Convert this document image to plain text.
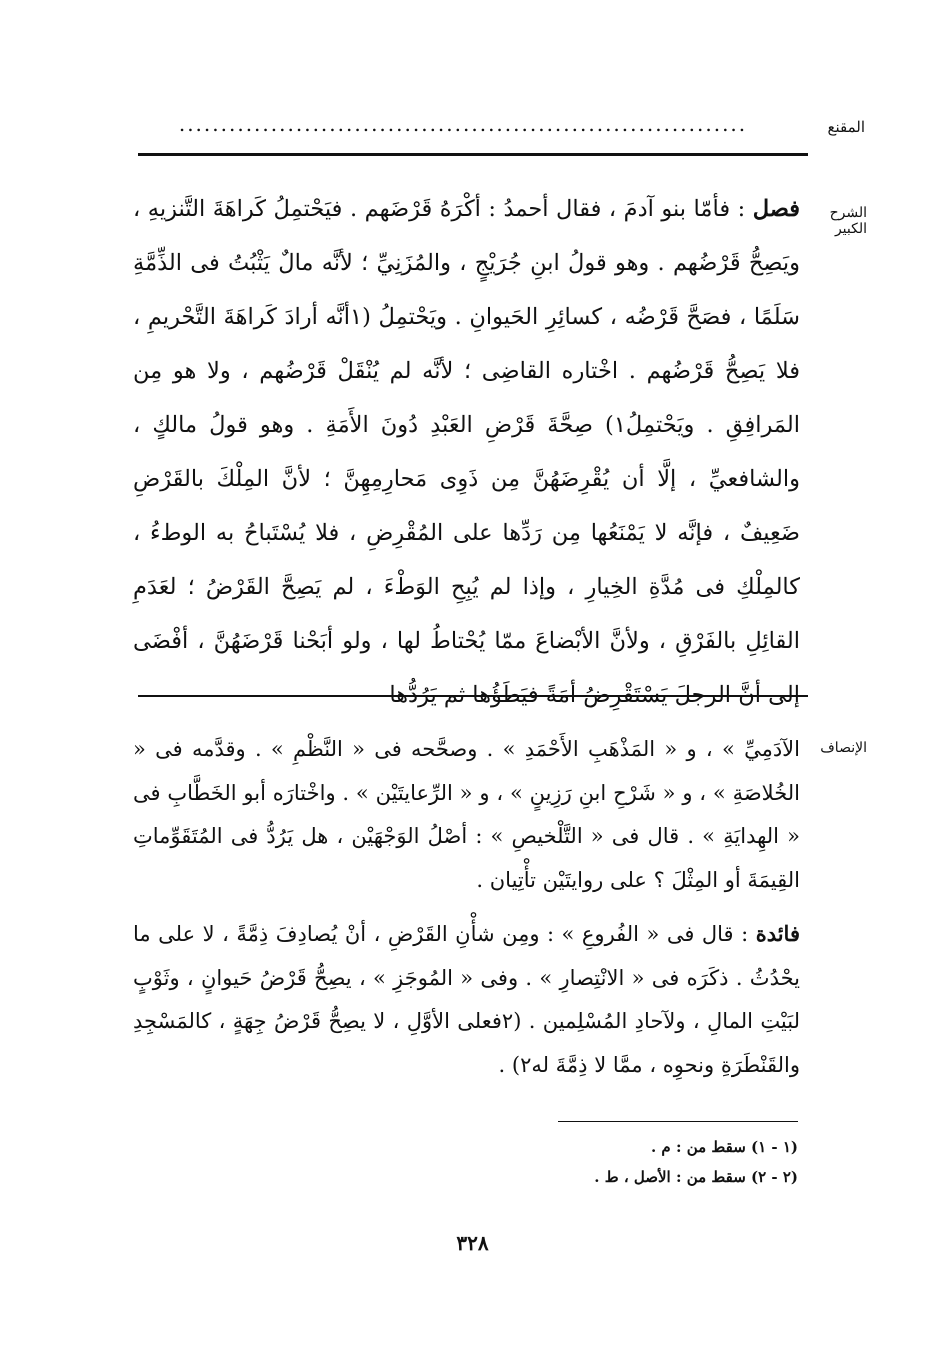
المقنع
....................................................................
الشرح الكبير

فصل : فأمّا بنو آدمَ ، فقال أحمدُ : أكْرَهُ قَرْضَهم . فيَحْتمِلُ كَراهَةَ التَّنزيهِ ، ويَصِحُّ قَرْضُهم . وهو قولُ ابنِ جُرَيْجٍ ، والمُزَنِيِّ ؛ لأنَّه مالٌ يَثْبُتُ فى الذِّمَّةِ سَلَمًا ، فصَحَّ قَرْضُه ، كسائِرِ الحَيوانِ . ويَحْتمِلُ (١أنَّه أرادَ كَراهَةَ التَّحْريمِ ، فلا يَصِحُّ قَرْضُهم . اخْتاره القاضِى ؛ لأنَّه لم يُنْقَلْ قَرْضُهم ، ولا هو مِن المَرافِقِ . ويَحْتمِلُ١) صِحَّةَ قَرْضِ العَبْدِ دُونَ الأَمَةِ . وهو قولُ مالكٍ ، والشافعيِّ ، إلَّا أن يُقْرِضَهُنَّ مِن ذَوِى مَحارِمِهِنَّ ؛ لأنَّ المِلْكَ بالقَرْضِ ضَعِيفٌ ، فإنَّه لا يَمْنَعُها مِن رَدِّها على المُقْرِضِ ، فلا يُسْتَباحُ به الوطءُ ، كالمِلْكِ فى مُدَّةِ الخِيارِ ، وإذا لم يُبِحِ الوَطْءَ ، لم يَصِحَّ القَرْضُ ؛ لعَدَمِ القائِلِ بالفَرْقِ ، ولأنَّ الأبْضاعَ ممّا يُحْتاطُ لها ، ولو أبَحْنا قَرْضَهُنَّ ، أفْضَى إلى أنَّ الرجلَ يَسْتَقْرِضُ أمَةً فيَطَؤُها ثم يَرُدُّها

الإنصاف

الآدَمِيِّ » ، و « المَذْهَبِ الأَحْمَدِ » . وصحَّحه فى « النَّظْمِ » . وقدَّمه فى « الخُلاصَةِ » ، و « شَرْحِ ابنِ رَزِينٍ » ، و « الرِّعايتَيْن » . واخْتارَه أبو الخَطَّابِ فى « الهِدايَةِ » . قال فى « التَّلْخيصِ » : أصْلُ الوَجْهَيْن ، هل يَرُدُّ فى المُتَقَوِّماتِ القِيمَةَ أو المِثْلَ ؟ على روايتَيْن تأْتِيان .

فائدة : قال فى « الفُروعِ » : ومِن شأْنِ القَرْضِ ، أنْ يُصادِفَ ذِمَّةً ، لا على ما يحْدُثُ . ذكَرَه فى « الانْتِصارِ » . وفى « المُوجَزِ » ، يصِحُّ قَرْضُ حَيوانٍ ، وثَوْبٍ لبَيْتِ المالِ ، ولآحادِ المُسْلِمين . (٢فعلى الأوَّلِ ، لا يصِحُّ قَرْضُ جِهَةٍ ، كالمَسْجِدِ والقَنْطَرَةِ ونحوِه ، ممَّا لا ذِمَّةَ له٢) .

(١ - ١) سقط من : م .
(٢ - ٢) سقط من : الأصل ، ط .
٣٢٨
